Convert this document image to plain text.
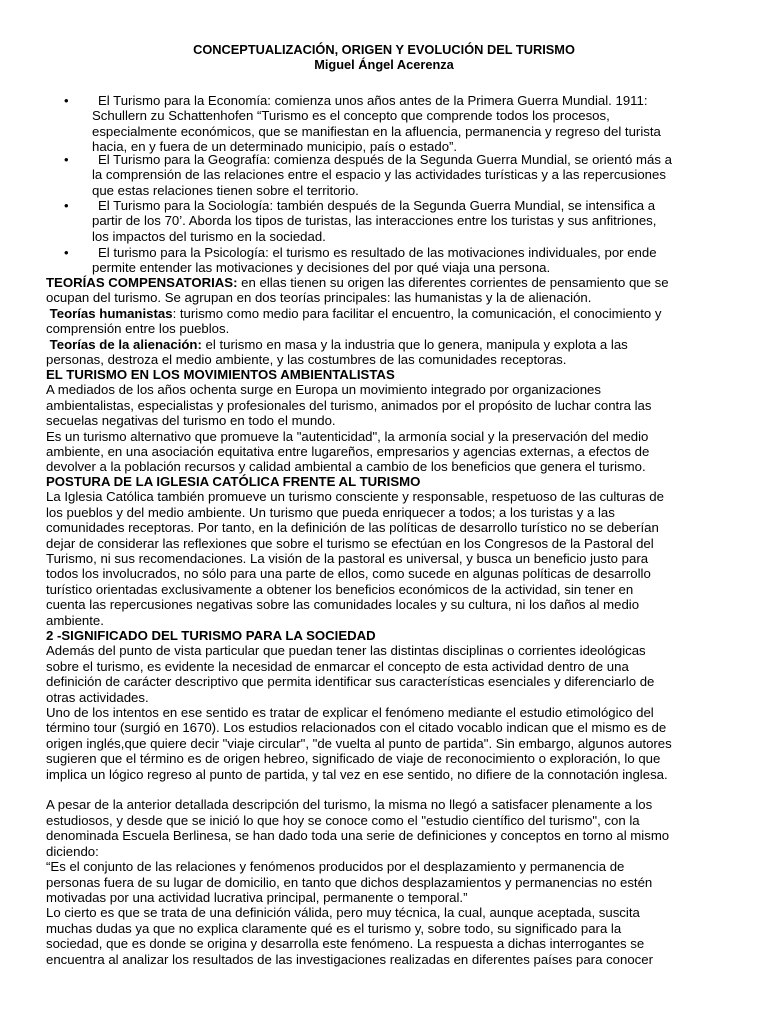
CONCEPTUALIZACIÓN, ORIGEN Y EVOLUCIÓN DEL TURISMO
Miguel Ángel Acerenza
•	El Turismo para la Economía: comienza unos años antes de la Primera Guerra Mundial. 1911:
Schullern zu Schattenhofen “Turismo es el concepto que comprende todos los procesos,
especialmente económicos, que se manifiestan en la afluencia, permanencia y regreso del turista
hacia, en y fuera de un determinado municipio, país o estado”.
•	El Turismo para la Geografía: comienza después de la Segunda Guerra Mundial, se orientó más a
la comprensión de las relaciones entre el espacio y las actividades turísticas y a las repercusiones
que estas relaciones tienen sobre el territorio.
•	El Turismo para la Sociología: también después de la Segunda Guerra Mundial, se intensifica a
partir de los 70’. Aborda los tipos de turistas, las interacciones entre los turistas y sus anfitriones,
los impactos del turismo en la sociedad.
•	El turismo para la Psicología: el turismo es resultado de las motivaciones individuales, por ende
permite entender las motivaciones y decisiones del por qué viaja una persona.
TEORÍAS COMPENSATORIAS: en ellas tienen su origen las diferentes corrientes de pensamiento que se
ocupan del turismo. Se agrupan en dos teorías principales: las humanistas y la de alienación.
Teorías humanistas: turismo como medio para facilitar el encuentro, la comunicación, el conocimiento y
comprensión entre los pueblos.
Teorías de la alienación: el turismo en masa y la industria que lo genera, manipula y explota a las
personas, destroza el medio ambiente, y las costumbres de las comunidades receptoras.
EL TURISMO EN LOS MOVIMIENTOS AMBIENTALISTAS
A mediados de los años ochenta surge en Europa un movimiento integrado por organizaciones
ambientalistas, especialistas y profesionales del turismo, animados por el propósito de luchar contra las
secuelas negativas del turismo en todo el mundo.
Es un turismo alternativo que promueve la "autenticidad", la armonía social y la preservación del medio
ambiente, en una asociación equitativa entre lugareños, empresarios y agencias externas, a efectos de
devolver a la población recursos y calidad ambiental a cambio de los beneficios que genera el turismo.
POSTURA DE LA IGLESIA CATÓLICA FRENTE AL TURISMO
La Iglesia Católica también promueve un turismo consciente y responsable, respetuoso de las culturas de
los pueblos y del medio ambiente. Un turismo que pueda enriquecer a todos; a los turistas y a las
comunidades receptoras. Por tanto, en la definición de las políticas de desarrollo turístico no se deberían
dejar de considerar las reflexiones que sobre el turismo se efectúan en los Congresos de la Pastoral del
Turismo, ni sus recomendaciones. La visión de la pastoral es universal, y busca un beneficio justo para
todos los involucrados, no sólo para una parte de ellos, como sucede en algunas políticas de desarrollo
turístico orientadas exclusivamente a obtener los beneficios económicos de la actividad, sin tener en
cuenta las repercusiones negativas sobre las comunidades locales y su cultura, ni los daños al medio
ambiente.
2 -SIGNIFICADO DEL TURISMO PARA LA SOCIEDAD
Además del punto de vista particular que puedan tener las distintas disciplinas o corrientes ideológicas
sobre el turismo, es evidente la necesidad de enmarcar el concepto de esta actividad dentro de una
definición de carácter descriptivo que permita identificar sus características esenciales y diferenciarlo de
otras actividades.
Uno de los intentos en ese sentido es tratar de explicar el fenómeno mediante el estudio etimológico del
término tour (surgió en 1670). Los estudios relacionados con el citado vocablo indican que el mismo es de
origen inglés,que quiere decir "viaje circular", "de vuelta al punto de partida". Sin embargo, algunos autores
sugieren que el término es de origen hebreo, significado de viaje de reconocimiento o exploración, lo que
implica un lógico regreso al punto de partida, y tal vez en ese sentido, no difiere de la connotación inglesa.

A pesar de la anterior detallada descripción del turismo, la misma no llegó a satisfacer plenamente a los
estudiosos, y desde que se inició lo que hoy se conoce como el "estudio científico del turismo", con la
denominada Escuela Berlinesa, se han dado toda una serie de definiciones y conceptos en torno al mismo
diciendo:
“Es el conjunto de las relaciones y fenómenos producidos por el desplazamiento y permanencia de
personas fuera de su lugar de domicilio, en tanto que dichos desplazamientos y permanencias no estén
motivadas por una actividad lucrativa principal, permanente o temporal.”
Lo cierto es que se trata de una definición válida, pero muy técnica, la cual, aunque aceptada, suscita
muchas dudas ya que no explica claramente qué es el turismo y, sobre todo, su significado para la
sociedad, que es donde se origina y desarrolla este fenómeno. La respuesta a dichas interrogantes se
encuentra al analizar los resultados de las investigaciones realizadas en diferentes países para conocer
